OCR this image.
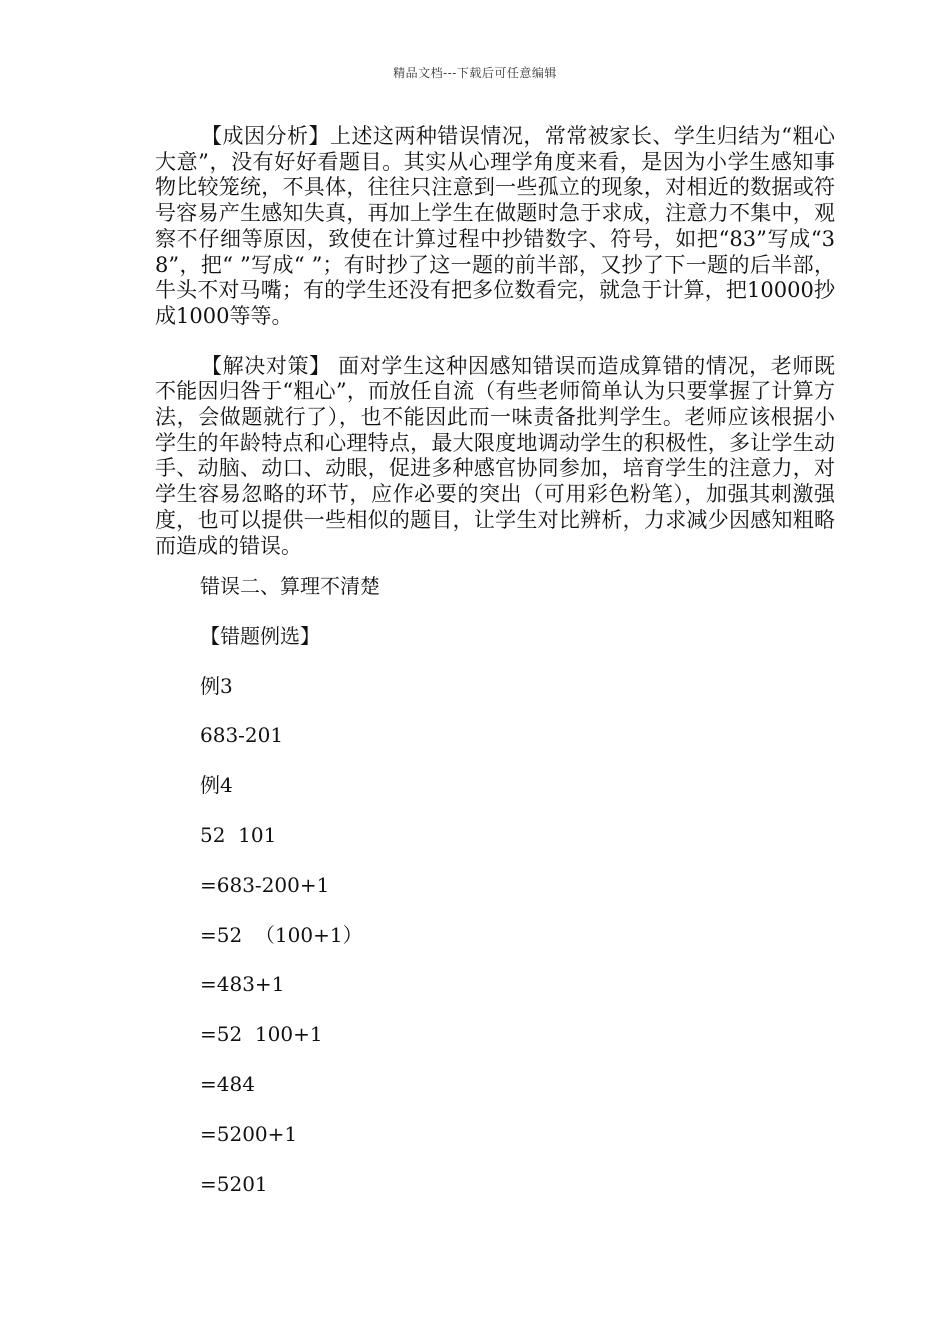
精品文档---下载后可任意编辑

【成因分析】上述这两种错误情况，常常被家长、学生归结为“粗心大意”，没有好好看题目。其实从心理学角度来看，是因为小学生感知事物比较笼统，不具体，往往只注意到一些孤立的现象，对相近的数据或符号容易产生感知失真，再加上学生在做题时急于求成，注意力不集中，观察不仔细等原因，致使在计算过程中抄错数字、符号，如把“83”写成“38”，把“ ”写成“ ”；有时抄了这一题的前半部，又抄了下一题的后半部，牛头不对马嘴；有的学生还没有把多位数看完，就急于计算，把10000抄成1000等等。

【解决对策】 面对学生这种因感知错误而造成算错的情况，老师既不能因归咎于“粗心”，而放任自流（有些老师简单认为只要掌握了计算方法，会做题就行了），也不能因此而一味责备批判学生。老师应该根据小学生的年龄特点和心理特点，最大限度地调动学生的积极性，多让学生动手、动脑、动口、动眼，促进多种感官协同参加，培育学生的注意力，对学生容易忽略的环节，应作必要的突出（可用彩色粉笔），加强其刺激强度，也可以提供一些相似的题目，让学生对比辨析，力求减少因感知粗略而造成的错误。

错误二、算理不清楚
【错题例选】
例3
683-201
例4
52  101
=683-200+1
=52  （100+1）
=483+1
=52  100+1
=484
=5200+1
=5201
